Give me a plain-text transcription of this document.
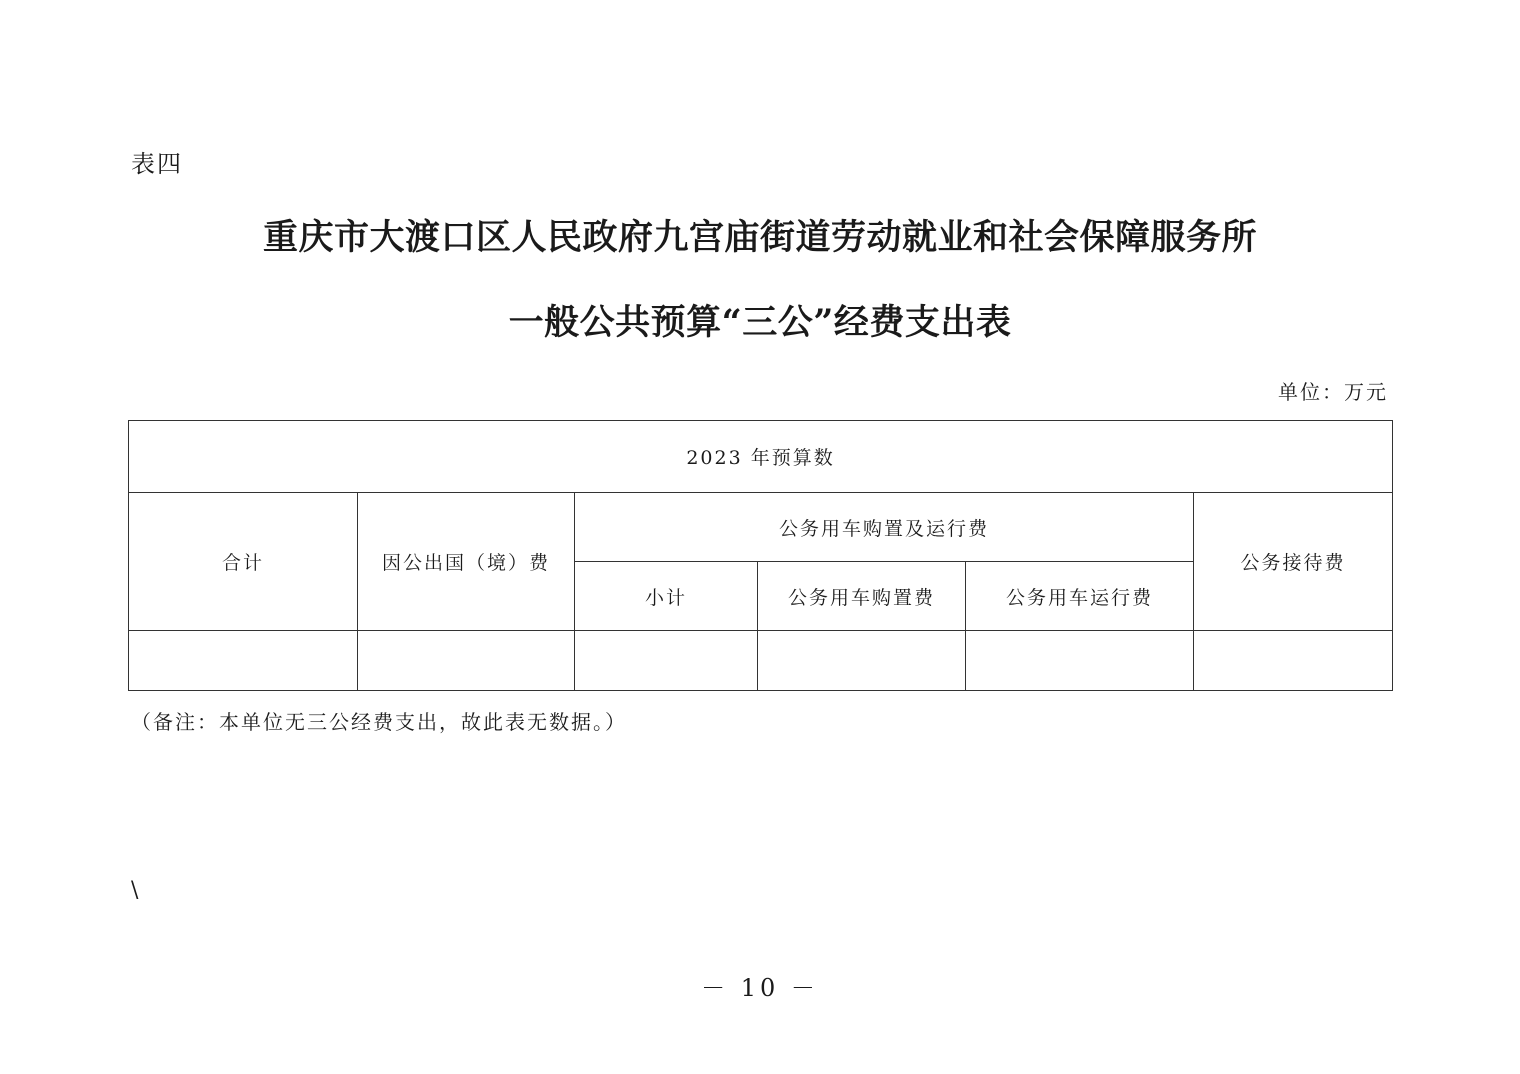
表四
重庆市大渡口区人民政府九宫庙街道劳动就业和社会保障服务所
一般公共预算“三公”经费支出表
单位：万元
2023 年预算数					
合计	因公出国（境）费	公务用车购置及运行费			公务接待费
		小计	公务用车购置费	公务用车运行费	

（备注：本单位无三公经费支出，故此表无数据。）
\
－ 10 －
